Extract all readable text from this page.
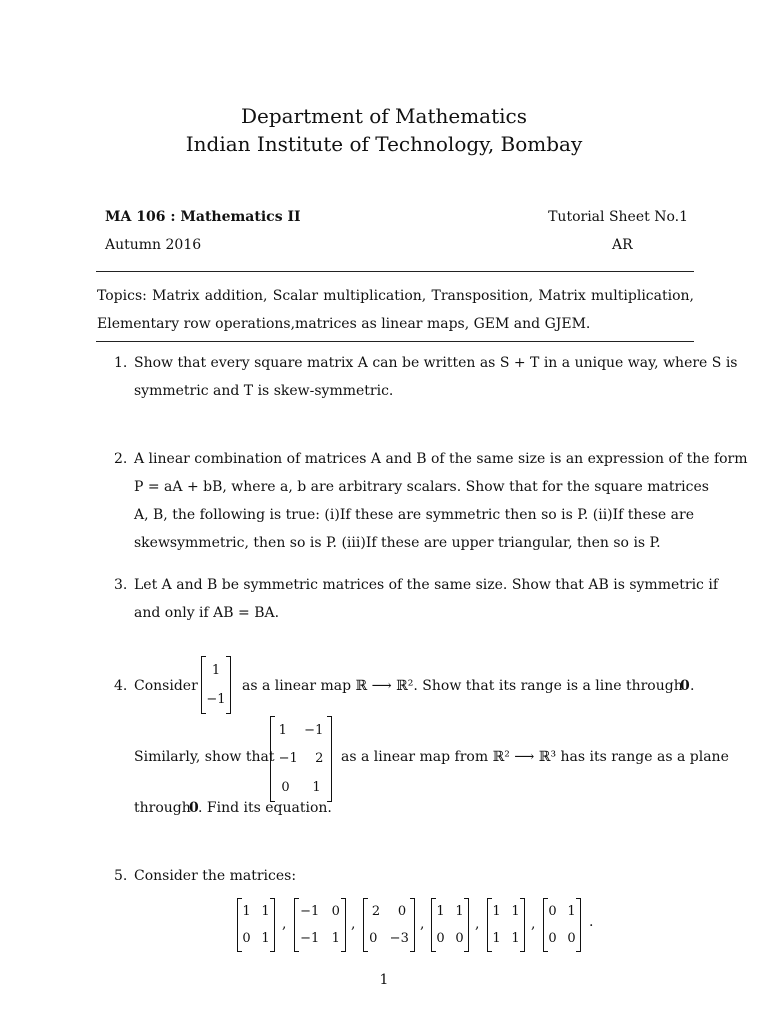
Department of Mathematics
Indian Institute of Technology, Bombay
MA 106 : Mathematics II	Tutorial Sheet No.1
Autumn 2016	AR
Topics: Matrix addition, Scalar multiplication, Transposition, Matrix multiplication, Elementary row operations,matrices as linear maps, GEM and GJEM.
1. Show that every square matrix A can be written as S + T in a unique way, where S is
symmetric and T is skew-symmetric.
2. A linear combination of matrices A and B of the same size is an expression of the form
P = aA + bB, where a, b are arbitrary scalars. Show that for the square matrices
A, B, the following is true: (i)If these are symmetric then so is P. (ii)If these are
skewsymmetric, then so is P. (iii)If these are upper triangular, then so is P.
3. Let A and B be symmetric matrices of the same size. Show that AB is symmetric if
and only if AB = BA.
4. Consider
1
−1
as a linear map ℝ ⟶ ℝ². Show that its range is a line through
0 .
Similarly, show that
1 −1
−1 2
0 1
as a linear map from ℝ² ⟶ ℝ³ has its range as a plane
through
0 . Find its equation.
5. Consider the matrices:
1 1
0 1
,
−1 0
−1 1
,
2 0
0 −3
,
1 1
0 0
,
1 1
1 1
,
0 1
0 0
.
1
